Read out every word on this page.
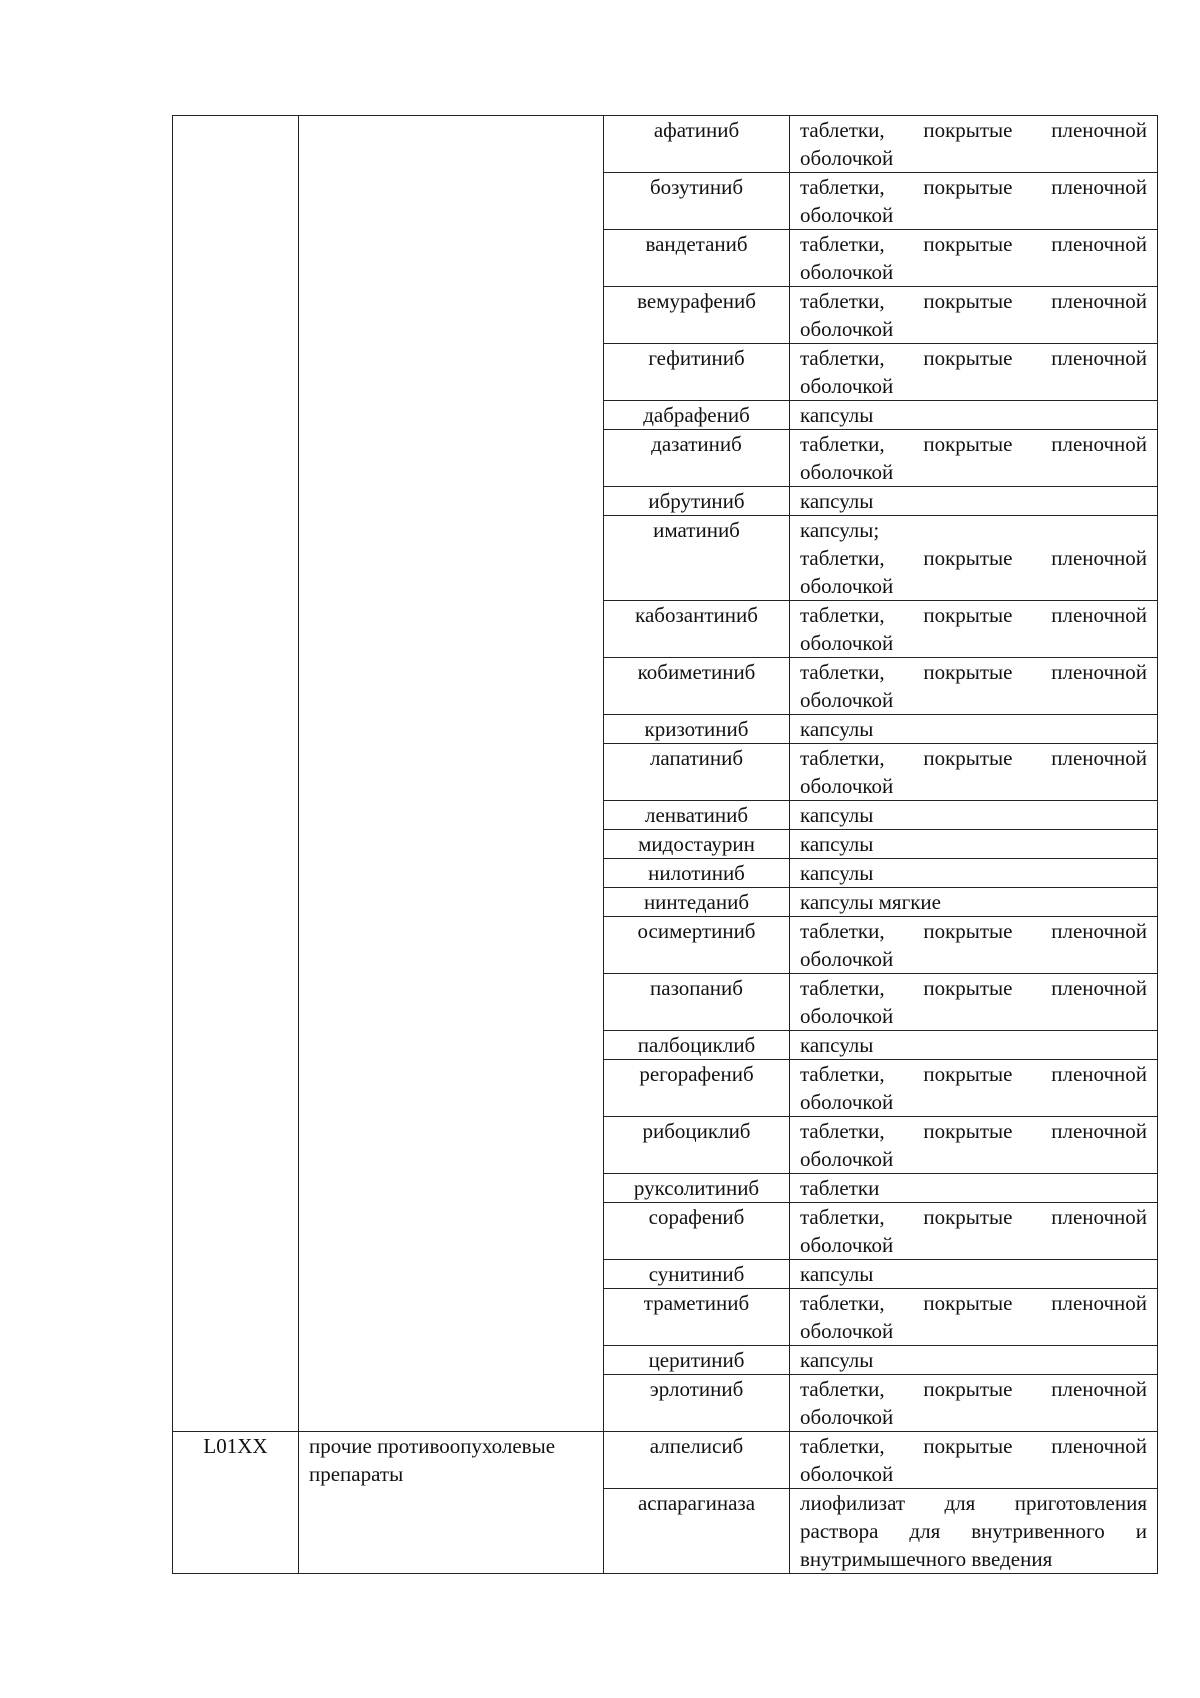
		афатиниб	таблетки, покрытые пленочной
оболочкой

		бозутиниб	таблетки, покрытые пленочной
оболочкой

		вандетаниб	таблетки, покрытые пленочной
оболочкой

		вемурафениб	таблетки, покрытые пленочной
оболочкой

		гефитиниб	таблетки, покрытые пленочной
оболочкой

		дабрафениб	капсулы

		дазатиниб	таблетки, покрытые пленочной
оболочкой

		ибрутиниб	капсулы

		иматиниб	капсулы;
таблетки, покрытые пленочной
оболочкой

		кабозантиниб	таблетки, покрытые пленочной
оболочкой

		кобиметиниб	таблетки, покрытые пленочной
оболочкой

		кризотиниб	капсулы

		лапатиниб	таблетки, покрытые пленочной
оболочкой

		ленватиниб	капсулы

		мидостаурин	капсулы

		нилотиниб	капсулы

		нинтеданиб	капсулы мягкие

		осимертиниб	таблетки, покрытые пленочной
оболочкой

		пазопаниб	таблетки, покрытые пленочной
оболочкой

		палбоциклиб	капсулы

		регорафениб	таблетки, покрытые пленочной
оболочкой

		рибоциклиб	таблетки, покрытые пленочной
оболочкой

		руксолитиниб	таблетки

		сорафениб	таблетки, покрытые пленочной
оболочкой

		сунитиниб	капсулы

		траметиниб	таблетки, покрытые пленочной
оболочкой

		церитиниб	капсулы

		эрлотиниб	таблетки, покрытые пленочной
оболочкой

L01XX	прочие противоопухолевые препараты	алпелисиб	таблетки, покрытые пленочной
оболочкой

		аспарагиназа	лиофилизат для приготовления
раствора для внутривенного и
внутримышечного введения
